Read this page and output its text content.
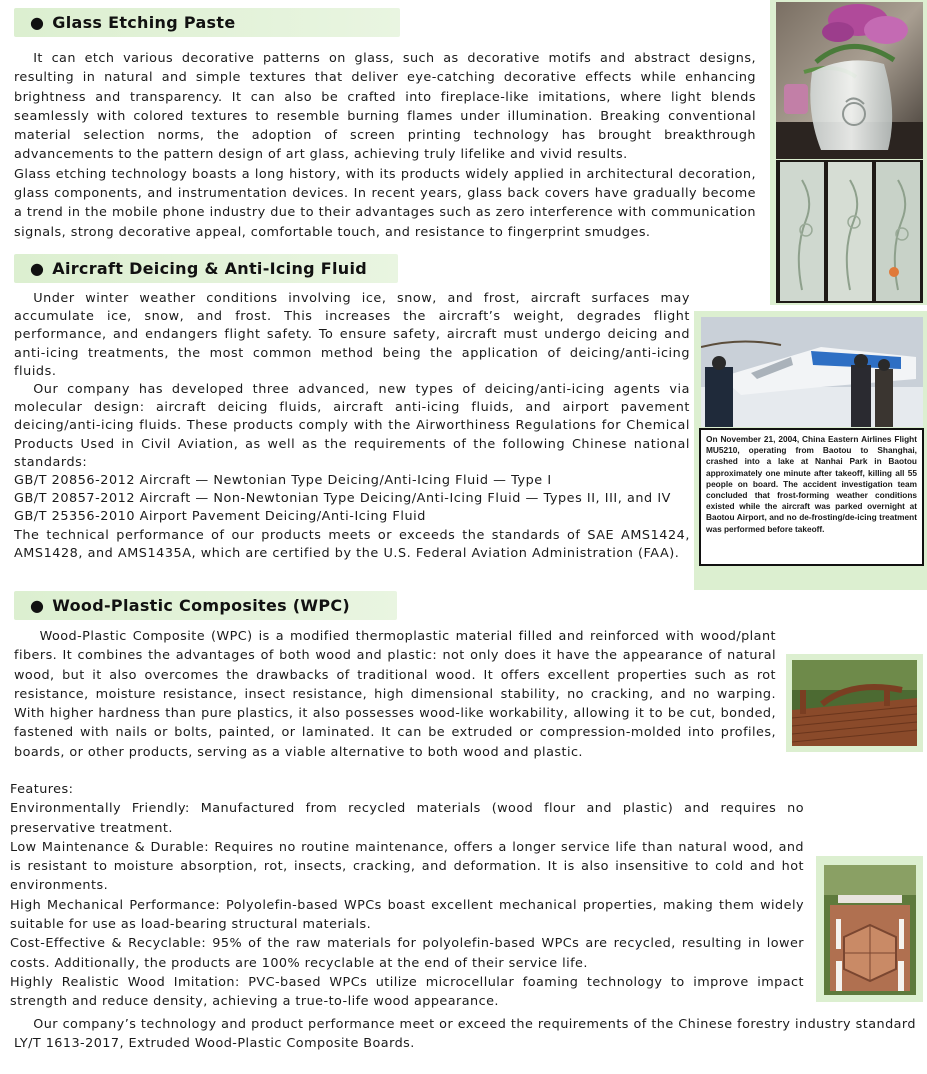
● Glass Etching Paste

It can etch various decorative patterns on glass, such as decorative motifs and abstract designs, resulting in natural and simple textures that deliver eye-catching decorative effects while enhancing brightness and transparency. It can also be crafted into fireplace-like imitations, where light blends seamlessly with colored textures to resemble burning flames under illumination. Breaking conventional material selection norms, the adoption of screen printing technology has brought breakthrough advancements to the pattern design of art glass, achieving truly lifelike and vivid results.

Glass etching technology boasts a long history, with its products widely applied in architectural decoration, glass components, and instrumentation devices. In recent years, glass back covers have gradually become a trend in the mobile phone industry due to their advantages such as zero interference with communication signals, strong decorative appeal, comfortable touch, and resistance to fingerprint smudges.

● Aircraft Deicing & Anti-Icing Fluid

Under winter weather conditions involving ice, snow, and frost, aircraft surfaces may accumulate ice, snow, and frost. This increases the aircraft’s weight, degrades flight performance, and endangers flight safety. To ensure safety, aircraft must undergo deicing and anti-icing treatments, the most common method being the application of deicing/anti-icing fluids.

Our company has developed three advanced, new types of deicing/anti-icing agents via molecular design: aircraft deicing fluids, aircraft anti-icing fluids, and airport pavement deicing/anti-icing fluids. These products comply with the Airworthiness Regulations for Chemical Products Used in Civil Aviation, as well as the requirements of the following Chinese national standards:

GB/T 20856-2012 Aircraft — Newtonian Type Deicing/Anti-Icing Fluid — Type I

GB/T 20857-2012 Aircraft — Non-Newtonian Type Deicing/Anti-Icing Fluid — Types II, III, and IV

GB/T 25356-2010 Airport Pavement Deicing/Anti-Icing Fluid

The technical performance of our products meets or exceeds the standards of SAE AMS1424, AMS1428, and AMS1435A, which are certified by the U.S. Federal Aviation Administration (FAA).

On November 21, 2004, China Eastern Airlines Flight MU5210, operating from Baotou to Shanghai, crashed into a lake at Nanhai Park in Baotou approximately one minute after takeoff, killing all 55 people on board. The accident investigation team concluded that frost-forming weather conditions existed while the aircraft was parked overnight at Baotou Airport, and no de-frosting/de-icing treatment was performed before takeoff.
● Wood-Plastic Composites (WPC)

Wood-Plastic Composite (WPC) is a modified thermoplastic material filled and reinforced with wood/plant fibers. It combines the advantages of both wood and plastic: not only does it have the appearance of natural wood, but it also overcomes the drawbacks of traditional wood. It offers excellent properties such as rot resistance, moisture resistance, insect resistance, high dimensional stability, no cracking, and no warping. With higher hardness than pure plastics, it also possesses wood-like workability, allowing it to be cut, bonded, fastened with nails or bolts, painted, or laminated. It can be extruded or compression-molded into profiles, boards, or other products, serving as a viable alternative to both wood and plastic.

Features:

Environmentally Friendly: Manufactured from recycled materials (wood flour and plastic) and requires no preservative treatment.

Low Maintenance & Durable: Requires no routine maintenance, offers a longer service life than natural wood, and is resistant to moisture absorption, rot, insects, cracking, and deformation. It is also insensitive to cold and hot environments.

High Mechanical Performance: Polyolefin-based WPCs boast excellent mechanical properties, making them widely suitable for use as load-bearing structural materials.

Cost-Effective & Recyclable: 95% of the raw materials for polyolefin-based WPCs are recycled, resulting in lower costs. Additionally, the products are 100% recyclable at the end of their service life.

Highly Realistic Wood Imitation: PVC-based WPCs utilize microcellular foaming technology to improve impact strength and reduce density, achieving a true-to-life wood appearance.

Our company’s technology and product performance meet or exceed the requirements of the Chinese forestry industry standard LY/T 1613-2017, Extruded Wood-Plastic Composite Boards.
